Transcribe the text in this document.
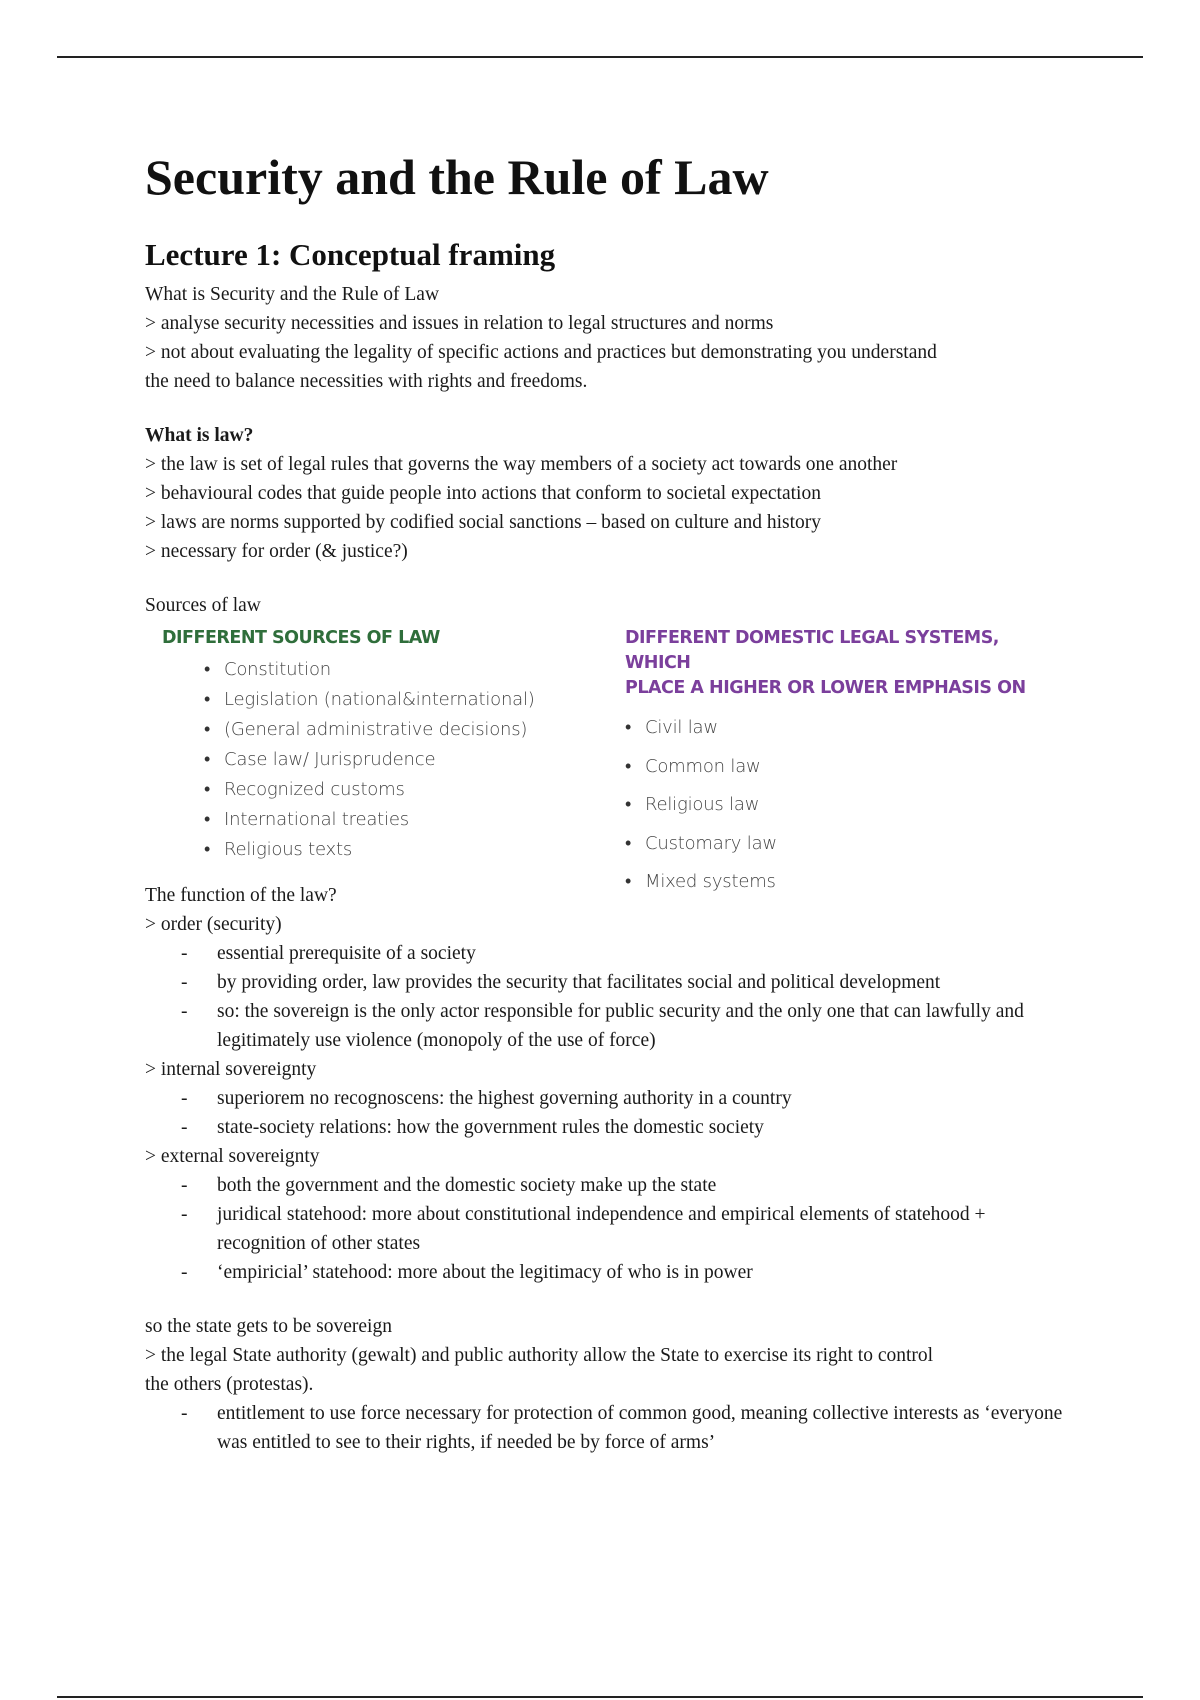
Security and the Rule of Law
Lecture 1: Conceptual framing

What is Security and the Rule of Law

> analyse security necessities and issues in relation to legal structures and norms

> not about evaluating the legality of specific actions and practices but demonstrating you understand

the need to balance necessities with rights and freedoms.

What is law?

> the law is set of legal rules that governs the way members of a society act towards one another

> behavioural codes that guide people into actions that conform to societal expectation

> laws are norms supported by codified social sanctions – based on culture and history

> necessary for order (& justice?)

Sources of law

DIFFERENT SOURCES OF LAW
• Constitution
• Legislation (national&international)
• (General administrative decisions)
• Case law/ Jurisprudence
• Recognized customs
• International treaties
• Religious texts
DIFFERENT DOMESTIC LEGAL SYSTEMS, WHICH
PLACE A HIGHER OR LOWER EMPHASIS ON
• Civil law
• Common law
• Religious law
• Customary law
• Mixed systems

The function of the law?

> order (security)

- essential prerequisite of a society
- by providing order, law provides the security that facilitates social and political development
- so: the sovereign is the only actor responsible for public security and the only one that can lawfully and legitimately use violence (monopoly of the use of force)

> internal sovereignty

- superiorem no recognoscens: the highest governing authority in a country
- state-society relations: how the government rules the domestic society

> external sovereignty

- both the government and the domestic society make up the state
- juridical statehood: more about constitutional independence and empirical elements of statehood + recognition of other states
- ‘empiricial’ statehood: more about the legitimacy of who is in power

so the state gets to be sovereign

> the legal State authority (gewalt) and public authority allow the State to exercise its right to control

the others (protestas).

- entitlement to use force necessary for protection of common good, meaning collective interests as ‘everyone was entitled to see to their rights, if needed be by force of arms’
